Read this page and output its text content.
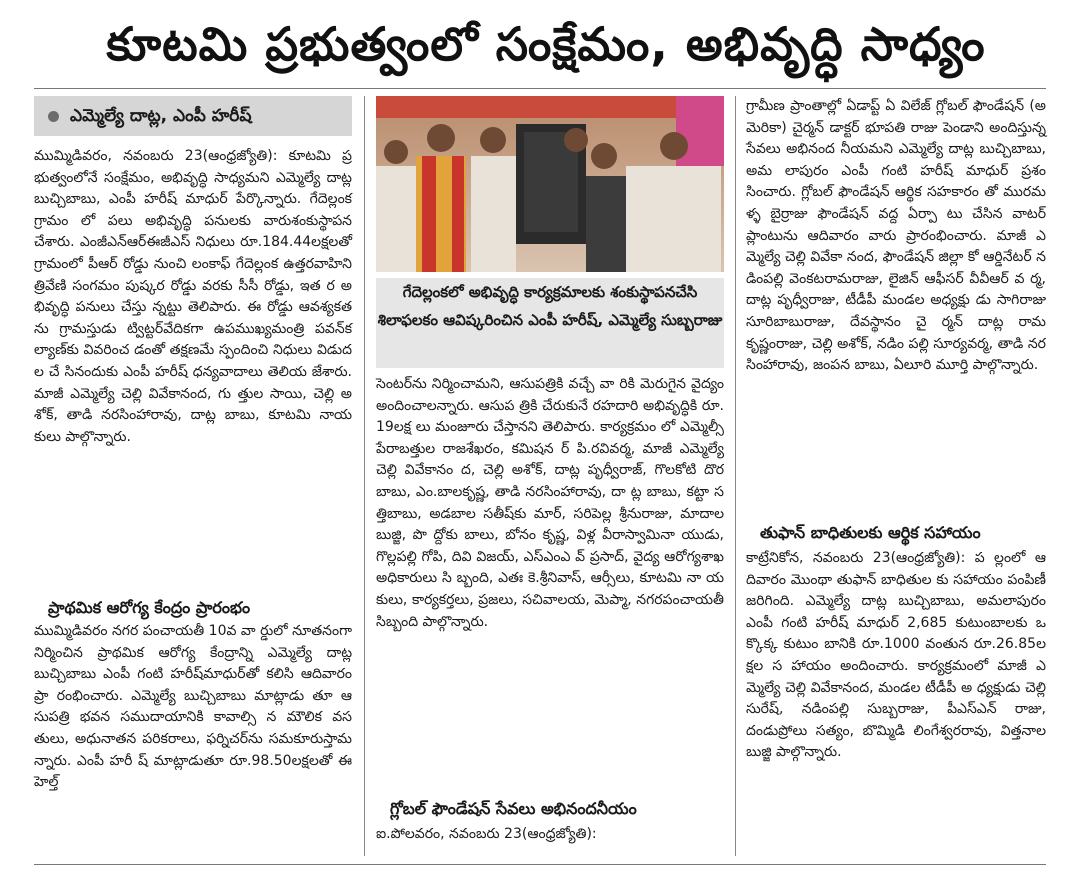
కూటమి ప్రభుత్వంలో సంక్షేమం, అభివృద్ధి సాధ్యం
ఎమ్మెల్యే దాట్ల, ఎంపీ హరీష్
ముమ్మిడివరం, నవంబరు 23(ఆంధ్రజ్యోతి): కూటమి ప్రభుత్వంలోనే సంక్షేమం, అభివృద్ధి సాధ్యమని ఎమ్మెల్యే దాట్ల బుచ్చిబాబు, ఎంపీ హరీష్ మాధుర్ పేర్కొన్నారు. గేదెల్లంక గ్రామం లో పలు అభివృద్ధి పనులకు వారుశంకుస్థాపన చేశారు. ఎంజీఎన్ఆర్ఈజీఎస్ నిధులు రూ.184.44లక్షలతో గ్రామంలో పీఆర్ రోడ్డు నుంచి లంకాఫ్ గేదెల్లంక ఉత్తరవాహిని త్రివేణి సంగమం పుష్కర రోడ్డు వరకు సీసీ రోడ్డు, ఇత ర అభివృద్ధి పనులు చేస్తు న్నట్టు తెలిపారు. ఈ రోడ్డు ఆవశ్యకతను గ్రామస్తుడు ట్విట్టర్‌వేదికగా ఉపముఖ్యమంత్రి పవన్‌కల్యాణ్‌కు వివరించ డంతో తక్షణమే స్పందించి నిధులు విడుదల చే సినందుకు ఎంపీ హరీష్ ధన్యవాదాలు తెలియ జేశారు. మాజీ ఎమ్మెల్యే చెల్లి వివేకానంద, గు త్తుల సాయి, చెల్లి అశోక్, తాడి నరసింహారావు, దాట్ల బాబు, కూటమి నాయకులు పాల్గొన్నారు.
ప్రాథమిక ఆరోగ్య కేంద్రం ప్రారంభం
ముమ్మిడివరం నగర పంచాయతీ 10వ వా ర్డులో నూతనంగా నిర్మించిన ప్రాథమిక ఆరోగ్య కేంద్రాన్ని ఎమ్మెల్యే దాట్ల బుచ్చిబాబు ఎంపీ గంటి హరీష్‌మాధుర్‌తో కలిసి ఆదివారం ప్రా రంభించారు. ఎమ్మెల్యే బుచ్చిబాబు మాట్లాడు తూ ఆసుపత్రి భవన సముదాయానికి కావాల్సి న మౌలిక వసతులు, అధునాతన పరికరాలు, ఫర్నిచర్‌ను సమకూరుస్తామన్నారు. ఎంపీ హరీ ష్ మాట్లాడుతూ రూ.98.50లక్షలతో ఈహెల్త్
గేదెల్లంకలో అభివృద్ధి కార్యక్రమాలకు శంకుస్థాపనచేసి శిలాఫలకం ఆవిష్కరించిన ఎంపీ హరీష్, ఎమ్మెల్యే సుబ్బరాజు
సెంటర్‌ను నిర్మించామని, ఆసుపత్రికి వచ్చే వా రికి మెరుగైన వైద్యం అందించాలన్నారు. ఆసుప త్రికి చేరుకునే రహదారి అభివృద్ధికి రూ.19లక్ష లు మంజూరు చేస్తానని తెలిపారు. కార్యక్రమం లో ఎమ్మెల్సీ పేరాబత్తుల రాజశేఖరం, కమిషన ర్ పి.రవివర్మ, మాజీ ఎమ్మెల్యే చెల్లి వివేకానం ద, చెల్లి అశోక్, దాట్ల పృధ్వీరాజ్, గొలకోటి దొర బాబు, ఎం.బాలకృష్ణ, తాడి నరసింహారావు, దా ట్ల బాబు, కట్టా సత్తిబాబు, అడబాల సతీష్‌కు మార్, సరిపెల్ల శ్రీనురాజు, మాదాల బుజ్జి, పొ ద్దోకు బాలు, బోనం కృష్ణ, విళ్ల వీరాస్వామినా యుడు, గొల్లపల్లి గోపి, దివి విజయ్, ఎస్ఎంఎ వ్ ప్రసాద్, వైద్య ఆరోగ్యశాఖ అధికారులు సి బ్బంది, ఎతః కె.శ్రీనివాస్, ఆర్సీలు, కూటమి నా యకులు, కార్యకర్తలు, ప్రజలు, సచివాలయ, మెప్మా, నగరపంచాయతీ సిబ్బంది పాల్గొన్నారు.
గ్లోబల్ ఫౌండేషన్ సేవలు అభినందనీయం
ఐ.పోలవరం, నవంబరు 23(ఆంధ్రజ్యోతి):
గ్రామీణ ప్రాంతాల్లో ఏడాప్ట్ ఏ విలేజ్ గ్లోబల్ ఫౌండేషన్ (అమెరికా) చైర్మన్ డాక్టర్ భూపతి రాజు పెండాని అందిస్తున్న సేవలు అభినంద నీయమని ఎమ్మెల్యే దాట్ల బుచ్చిబాబు, అమ లాపురం ఎంపీ గంటి హరీష్ మాధుర్ ప్రశం సించారు. గ్లోబల్ ఫౌండేషన్ ఆర్థిక సహకారం తో మురమళ్ళ బైర్రాజు ఫౌండేషన్ వద్ద ఏర్పా టు చేసిన వాటర్ ప్లాంటును ఆదివారం వారు ప్రారంభించారు. మాజీ ఎమ్మెల్యే చెల్లి వివేకా నంద, ఫౌండేషన్ జిల్లా కో ఆర్డినేటర్ నడింపల్లి వెంకటరామరాజు, లైజిన్ ఆఫీసర్ వీవీఆర్ వ ర్మ, దాట్ల పృధ్వీరాజు, టీడీపీ మండల అధ్యక్షు డు సాగిరాజు సూరిబాబురాజు, దేవస్థానం చై ర్మన్ దాట్ల రామకృష్ణంరాజు, చెల్లి అశోక్, నడిం పల్లి సూర్యవర్మ, తాడి నరసింహారావు, జంపన బాబు, ఏలూరి మూర్తి పాల్గొన్నారు.
తుఫాన్ బాధితులకు ఆర్థిక సహాయం
కాట్రేనికోన, నవంబరు 23(ఆంధ్రజ్యోతి): ప ల్లంలో ఆదివారం మొంథా తుఫాన్ బాధితుల కు సహాయం పంపిణీ జరిగింది. ఎమ్మెల్యే దాట్ల బుచ్చిబాబు, అమలాపురం ఎంపీ గంటి హరీష్ మాధుర్ 2,685 కుటుంబాలకు ఒక్కొక్క కుటుం బానికి రూ.1000 వంతున రూ.26.85లక్షల స హాయం అందించారు. కార్యక్రమంలో మాజీ ఎమ్మెల్యే చెల్లి వివేకానంద, మండల టీడీపీ అ ధ్యక్షుడు చెల్లి సురేష్, నడింపల్లి సుబ్బరాజు, పీఎస్ఎన్ రాజు, దండుప్రోలు సత్యం, బొమ్మిడి లింగేశ్వరరావు, విత్తనాల బుజ్జి పాల్గొన్నారు.
